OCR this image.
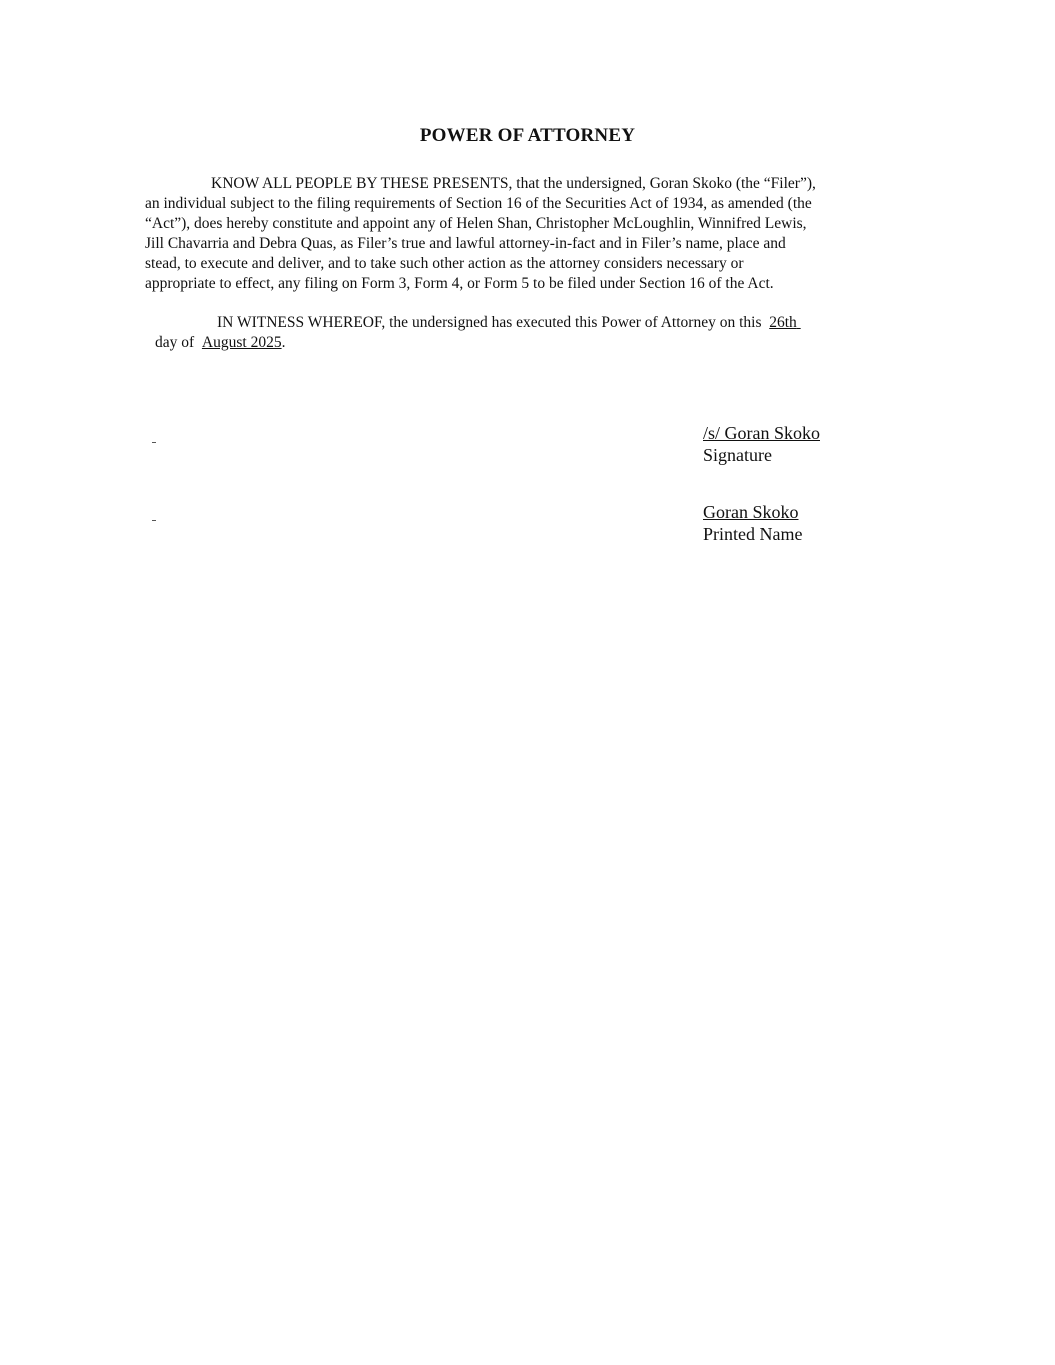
POWER OF ATTORNEY
KNOW ALL PEOPLE BY THESE PRESENTS, that the undersigned, Goran Skoko (the “Filer”),
an individual subject to the filing requirements of Section 16 of the Securities Act of 1934, as amended (the
“Act”), does hereby constitute and appoint any of Helen Shan, Christopher McLoughlin, Winnifred Lewis,
Jill Chavarria and Debra Quas, as Filer’s true and lawful attorney-in-fact and in Filer’s name, place and
stead, to execute and deliver, and to take such other action as the attorney considers necessary or
appropriate to effect, any filing on Form 3, Form 4, or Form 5 to be filed under Section 16 of the Act.
IN WITNESS WHEREOF, the undersigned has executed this Power of Attorney on this 26th
day of August 2025.
/s/ Goran Skoko
Signature
Goran Skoko
Printed Name
